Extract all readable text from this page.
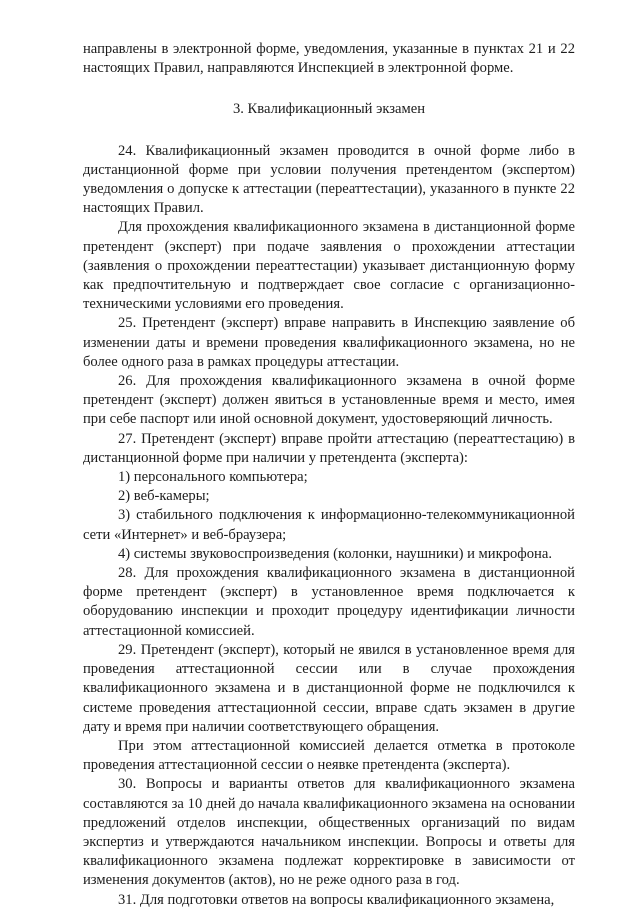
направлены в электронной форме, уведомления, указанные в пунктах 21 и 22 настоящих Правил, направляются Инспекцией в электронной форме.

3. Квалификационный экзамен

24. Квалификационный экзамен проводится в очной форме либо в дистанционной форме при условии получения претендентом (экспертом) уведомления о допуске к аттестации (переаттестации), указанного в пункте 22 настоящих Правил.

Для прохождения квалификационного экзамена в дистанционной форме претендент (эксперт) при подаче заявления о прохождении аттестации (заявления о прохождении переаттестации) указывает дистанционную форму как предпочтительную и подтверждает свое согласие с организационно-техническими условиями его проведения.

25. Претендент (эксперт) вправе направить в Инспекцию заявление об изменении даты и времени проведения квалификационного экзамена, но не более одного раза в рамках процедуры аттестации.

26. Для прохождения квалификационного экзамена в очной форме претендент (эксперт) должен явиться в установленные время и место, имея при себе паспорт или иной основной документ, удостоверяющий личность.

27. Претендент (эксперт) вправе пройти аттестацию (переаттестацию) в дистанционной форме при наличии у претендента (эксперта):

1) персонального компьютера;

2) веб-камеры;

3) стабильного подключения к информационно-телекоммуникационной сети «Интернет» и веб-браузера;

4) системы звуковоспроизведения (колонки, наушники) и микрофона.

28. Для прохождения квалификационного экзамена в дистанционной форме претендент (эксперт) в установленное время подключается к оборудованию инспекции и проходит процедуру идентификации личности аттестационной комиссией.

29. Претендент (эксперт), который не явился в установленное время для проведения аттестационной сессии или в случае прохождения квалификационного экзамена и в дистанционной форме не подключился к системе проведения аттестационной сессии, вправе сдать экзамен в другие дату и время при наличии соответствующего обращения.

При этом аттестационной комиссией делается отметка в протоколе проведения аттестационной сессии о неявке претендента (эксперта).

30. Вопросы и варианты ответов для квалификационного экзамена составляются за 10 дней до начала квалификационного экзамена на основании предложений отделов инспекции, общественных организаций по видам экспертиз и утверждаются начальником инспекции. Вопросы и ответы для квалификационного экзамена подлежат корректировке в зависимости от изменения документов (актов), но не реже одного раза в год.

31. Для подготовки ответов на вопросы квалификационного экзамена,
